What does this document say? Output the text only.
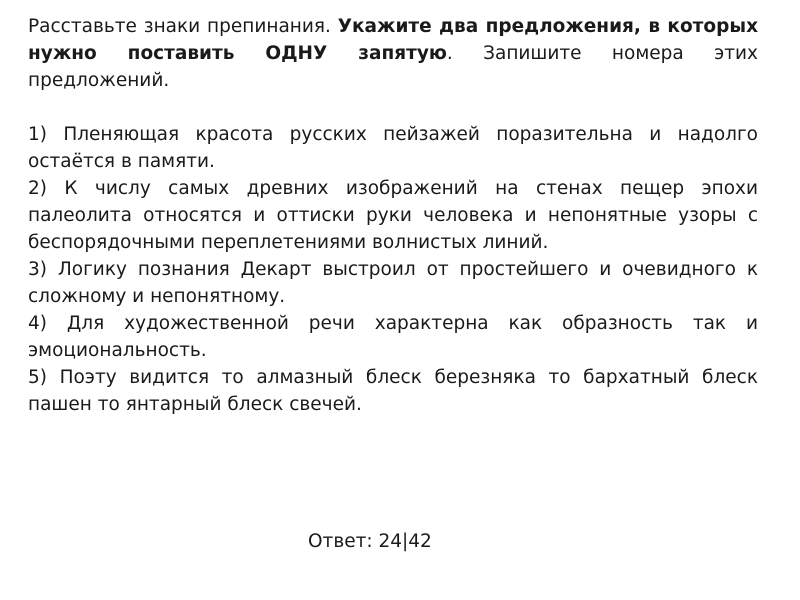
Расставьте знаки препинания. Укажите два предложения, в которых нужно поставить ОДНУ запятую. Запишите номера этих предложений.

1) Пленяющая красота русских пейзажей поразительна и надолго остаётся в памяти.

2) К числу самых древних изображений на стенах пещер эпохи палеолита относятся и оттиски руки человека и непонятные узоры с беспорядочными переплетениями волнистых линий.

3) Логику познания Декарт выстроил от простейшего и очевидного к сложному и непонятному.

4) Для художественной речи характерна как образность так и эмоциональность.

5) Поэту видится то алмазный блеск березняка то бархатный блеск пашен то янтарный блеск свечей.

Ответ: 24|42
